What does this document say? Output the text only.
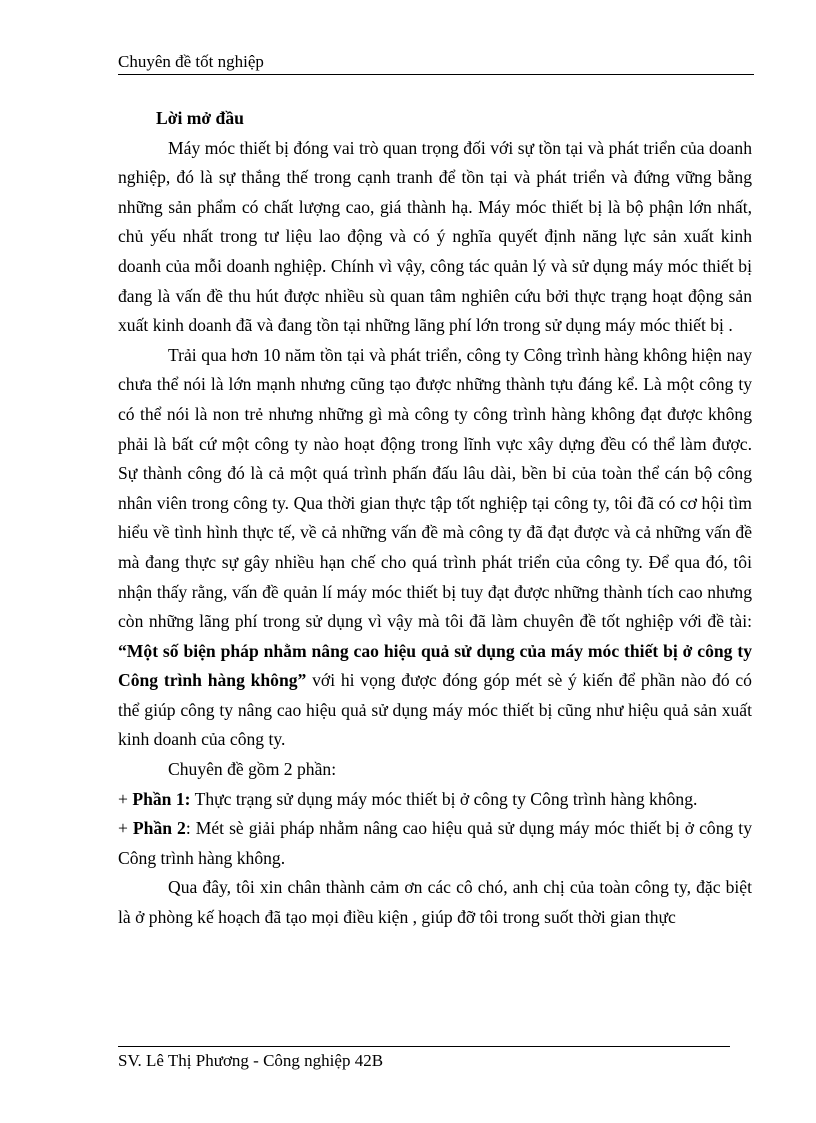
Chuyên đề tốt nghiệp

Lời mở đầu

Máy móc thiết bị đóng vai trò quan trọng đối với sự tồn tại và phát triển của doanh nghiệp, đó là sự thắng thế trong cạnh tranh để tồn tại và phát triển và đứng vững bằng những sản phẩm có chất lượng cao, giá thành hạ. Máy móc thiết bị là bộ phận lớn nhất, chủ yếu nhất trong tư liệu lao động và có ý nghĩa quyết định năng lực sản xuất kinh doanh của mỗi doanh nghiệp. Chính vì vậy, công tác quản lý và sử dụng máy móc thiết bị đang là vấn đề thu hút được nhiều sù quan tâm nghiên cứu bởi thực trạng hoạt động sản xuất kinh doanh đã và đang tồn tại những lãng phí lớn trong sử dụng máy móc thiết bị .

Trải qua hơn 10 năm tồn tại và phát triển, công ty Công trình hàng không hiện nay chưa thể nói là lớn mạnh nhưng cũng tạo được những thành tựu đáng kể. Là một công ty có thể nói là non trẻ nhưng những gì mà công ty công trình hàng không đạt được không phải là bất cứ một công ty nào hoạt động trong lĩnh vực xây dựng đều có thể làm được. Sự thành công đó là cả một quá trình phấn đấu lâu dài, bền bỉ của toàn thể cán bộ công nhân viên trong công ty. Qua thời gian thực tập tốt nghiệp tại công ty, tôi đã có cơ hội tìm hiểu về tình hình thực tế, về cả những vấn đề mà công ty đã đạt được và cả những vấn đề mà đang thực sự gây nhiều hạn chế cho quá trình phát triển của công ty. Để qua đó, tôi nhận thấy rằng, vấn đề quản lí máy móc thiết bị tuy đạt được những thành tích cao nhưng còn những lãng phí trong sử dụng vì vậy mà tôi đã làm chuyên đề tốt nghiệp với đề tài: “Một số biện pháp nhằm nâng cao hiệu quả sử dụng của máy móc thiết bị ở công ty Công trình hàng không” với hi vọng được đóng góp mét sè ý kiến để phần nào đó có thể giúp công ty nâng cao hiệu quả sử dụng máy móc thiết bị cũng như hiệu quả sản xuất kinh doanh của công ty.

Chuyên đề gồm 2 phần:

+ Phần 1: Thực trạng sử dụng máy móc thiết bị ở công ty Công trình hàng không.

+ Phần 2: Mét sè giải pháp nhằm nâng cao hiệu quả sử dụng máy móc thiết bị ở công ty Công trình hàng không.

Qua đây, tôi xin chân thành cảm ơn các cô chó, anh chị của toàn công ty, đặc biệt là ở phòng kế hoạch đã tạo mọi điều kiện , giúp đỡ tôi trong suốt thời gian thực

SV. Lê Thị Phương - Công nghiệp 42B
